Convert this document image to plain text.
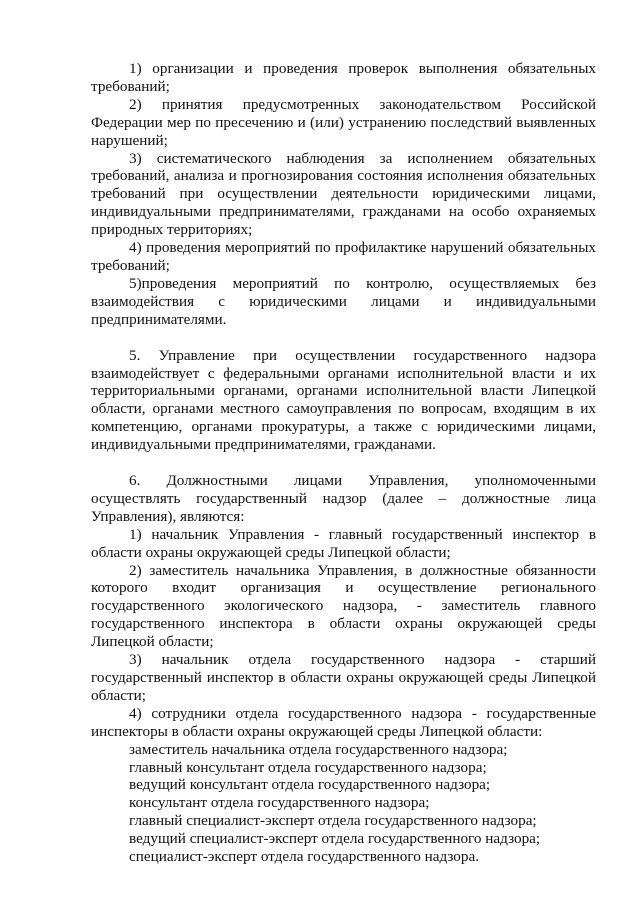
1) организации и проведения проверок выполнения обязательных требований;

2) принятия предусмотренных законодательством Российской Федерации мер по пресечению и (или) устранению последствий выявленных нарушений;

3) систематического наблюдения за исполнением обязательных требований, анализа и прогнозирования состояния исполнения обязательных требований при осуществлении деятельности юридическими лицами, индивидуальными предпринимателями, гражданами на особо охраняемых природных территориях;

4) проведения мероприятий по профилактике нарушений обязательных требований;

5)проведения мероприятий по контролю, осуществляемых без взаимодействия с юридическими лицами и индивидуальными предпринимателями.

5. Управление при осуществлении государственного надзора взаимодействует с федеральными органами исполнительной власти и их территориальными органами, органами исполнительной власти Липецкой области, органами местного самоуправления по вопросам, входящим в их компетенцию, органами прокуратуры, а также с юридическими лицами, индивидуальными предпринимателями, гражданами.

6. Должностными лицами Управления, уполномоченными осуществлять государственный надзор (далее – должностные лица Управления), являются:

1) начальник Управления - главный государственный инспектор в области охраны окружающей среды Липецкой области;

2) заместитель начальника Управления, в должностные обязанности которого входит организация и осуществление регионального государственного экологического надзора, - заместитель главного государственного инспектора в области охраны окружающей среды Липецкой области;

3) начальник отдела государственного надзора - старший государственный инспектор в области охраны окружающей среды Липецкой области;

4) сотрудники отдела государственного надзора - государственные инспекторы в области охраны окружающей среды Липецкой области:

заместитель начальника отдела государственного надзора;

главный консультант отдела государственного надзора;

ведущий консультант отдела государственного надзора;

консультант отдела государственного надзора;

главный специалист-эксперт отдела государственного надзора;

ведущий специалист-эксперт отдела государственного надзора;

специалист-эксперт отдела государственного надзора.
